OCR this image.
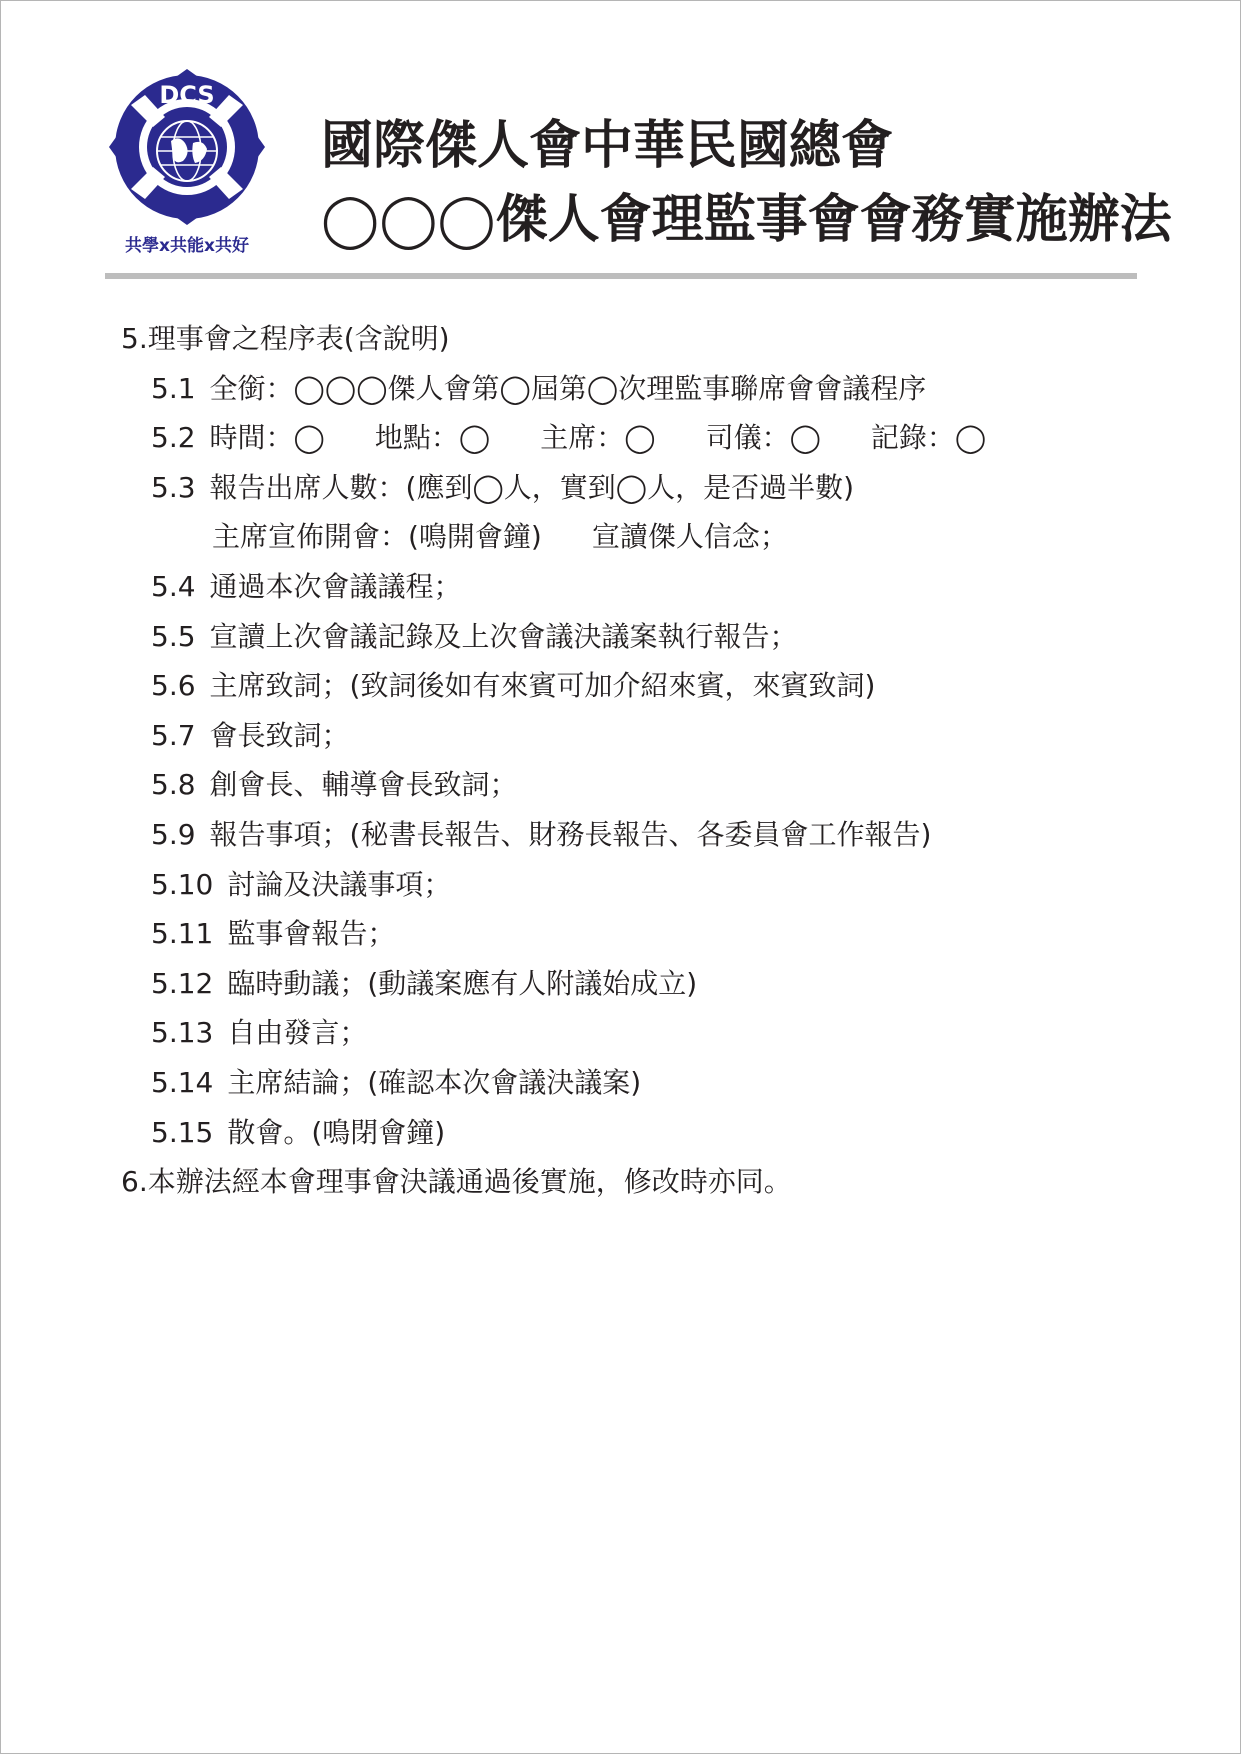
DCS
共學x共能x共好
國際傑人會中華民國總會
◯◯◯傑人會理監事會會務實施辦法
5.理事會之程序表(含說明)
5.1 全銜：◯◯◯傑人會第◯屆第◯次理監事聯席會會議程序
5.2 時間：◯ 地點：◯ 主席：◯ 司儀：◯ 記錄：◯
5.3 報告出席人數：(應到◯人，實到◯人，是否過半數)
主席宣佈開會：(鳴開會鐘) 宣讀傑人信念；
5.4 通過本次會議議程；
5.5 宣讀上次會議記錄及上次會議決議案執行報告；
5.6 主席致詞；(致詞後如有來賓可加介紹來賓，來賓致詞)
5.7 會長致詞；
5.8 創會長、輔導會長致詞；
5.9 報告事項；(秘書長報告、財務長報告、各委員會工作報告)
5.10 討論及決議事項；
5.11 監事會報告；
5.12 臨時動議；(動議案應有人附議始成立)
5.13 自由發言；
5.14 主席結論；(確認本次會議決議案)
5.15 散會。(鳴閉會鐘)
6.本辦法經本會理事會決議通過後實施，修改時亦同。
